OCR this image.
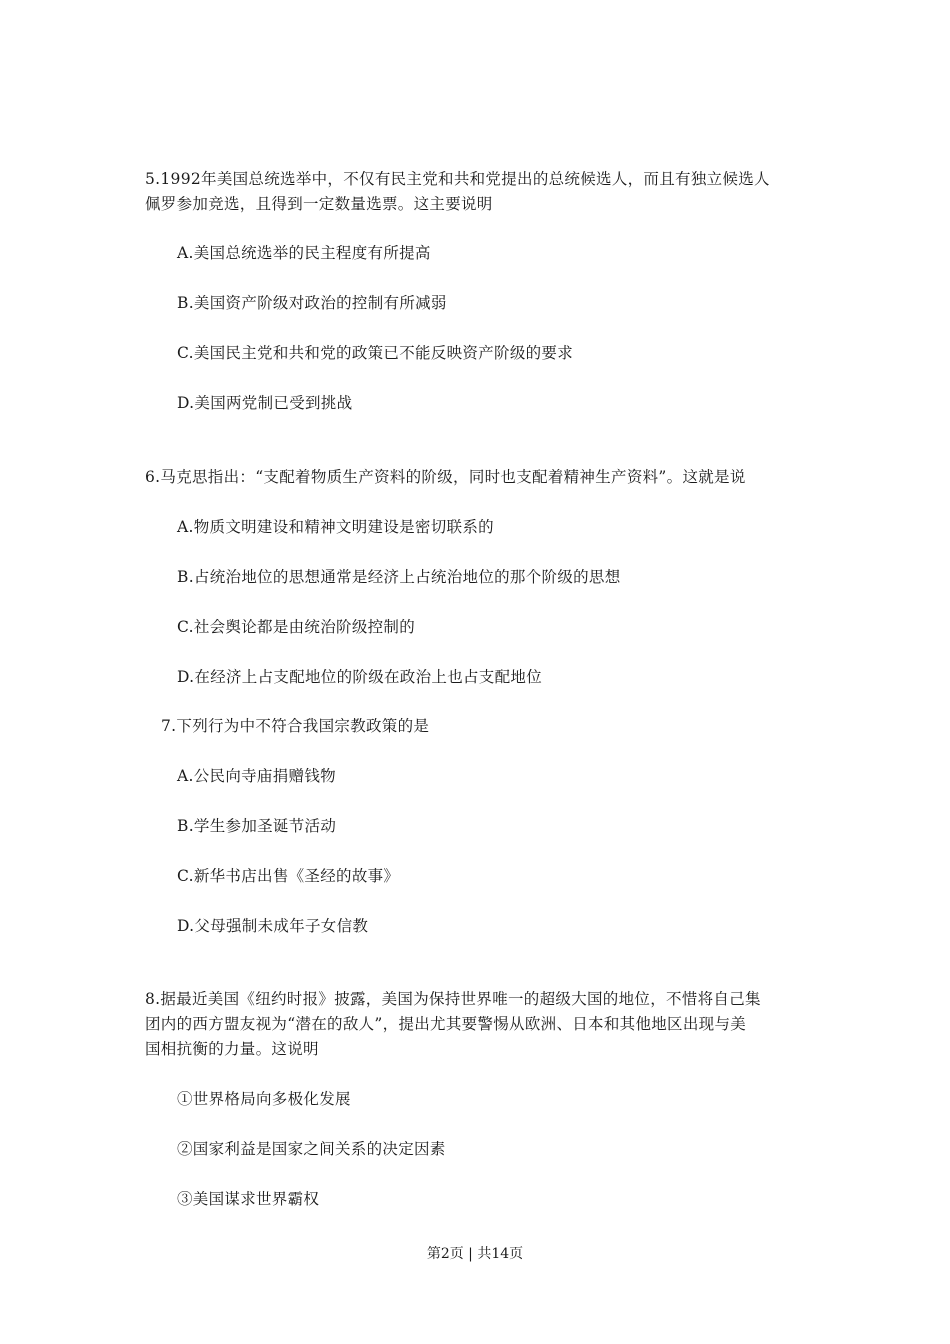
5.1992年美国总统选举中，不仅有民主党和共和党提出的总统候选人，而且有独立候选人
佩罗参加竞选，且得到一定数量选票。这主要说明
A.美国总统选举的民主程度有所提高
B.美国资产阶级对政治的控制有所减弱
C.美国民主党和共和党的政策已不能反映资产阶级的要求
D.美国两党制已受到挑战
6.马克思指出：“支配着物质生产资料的阶级，同时也支配着精神生产资料”。这就是说
A.物质文明建设和精神文明建设是密切联系的
B.占统治地位的思想通常是经济上占统治地位的那个阶级的思想
C.社会舆论都是由统治阶级控制的
D.在经济上占支配地位的阶级在政治上也占支配地位
7.下列行为中不符合我国宗教政策的是
A.公民向寺庙捐赠钱物
B.学生参加圣诞节活动
C.新华书店出售《圣经的故事》
D.父母强制未成年子女信教
8.据最近美国《纽约时报》披露，美国为保持世界唯一的超级大国的地位，不惜将自己集
团内的西方盟友视为“潜在的敌人”，提出尤其要警惕从欧洲、日本和其他地区出现与美
国相抗衡的力量。这说明
①世界格局向多极化发展
②国家利益是国家之间关系的决定因素
③美国谋求世界霸权
第2页 | 共14页
